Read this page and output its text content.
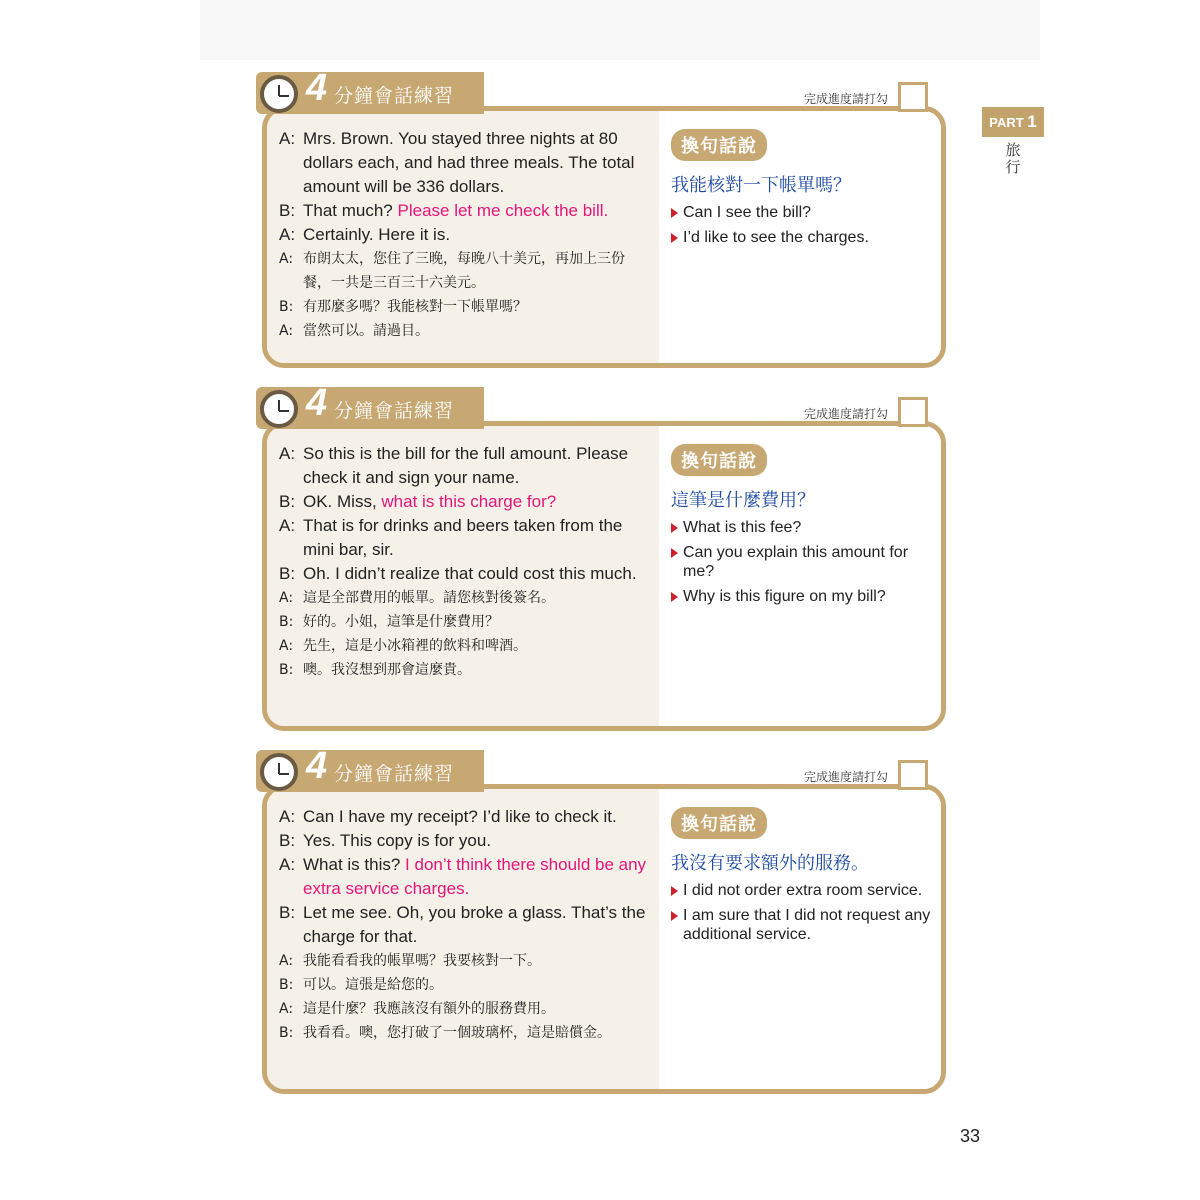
PART 1
旅行
A: Mrs. Brown. You stayed three nights at 80 dollars each, and had three meals. The total amount will be 336 dollars.
B: That much? Please let me check the bill.
A: Certainly. Here it is.
A: 布朗太太，您住了三晚，每晚八十美元，再加上三份餐，一共是三百三十六美元。
B: 有那麼多嗎？我能核對一下帳單嗎？
A: 當然可以。請過目。
換句話說
我能核對一下帳單嗎？
Can I see the bill?
I’d like to see the charges.
4 分鐘會話練習	完成進度請打勾
A: So this is the bill for the full amount. Please check it and sign your name.
B: OK. Miss, what is this charge for?
A: That is for drinks and beers taken from the mini bar, sir.
B: Oh. I didn’t realize that could cost this much.
A: 這是全部費用的帳單。請您核對後簽名。
B: 好的。小姐，這筆是什麼費用？
A: 先生，這是小冰箱裡的飲料和啤酒。
B: 噢。我沒想到那會這麼貴。
換句話說
這筆是什麼費用？
What is this fee?
Can you explain this amount for me?
Why is this figure on my bill?
4 分鐘會話練習	完成進度請打勾
A: Can I have my receipt? I’d like to check it.
B: Yes. This copy is for you.
A: What is this? I don’t think there should be any extra service charges.
B: Let me see. Oh, you broke a glass. That’s the charge for that.
A: 我能看看我的帳單嗎？我要核對一下。
B: 可以。這張是給您的。
A: 這是什麼？我應該沒有額外的服務費用。
B: 我看看。噢，您打破了一個玻璃杯，這是賠償金。
換句話說
我沒有要求額外的服務。
I did not order extra room service.
I am sure that I did not request any additional service.
4 分鐘會話練習	完成進度請打勾
33
